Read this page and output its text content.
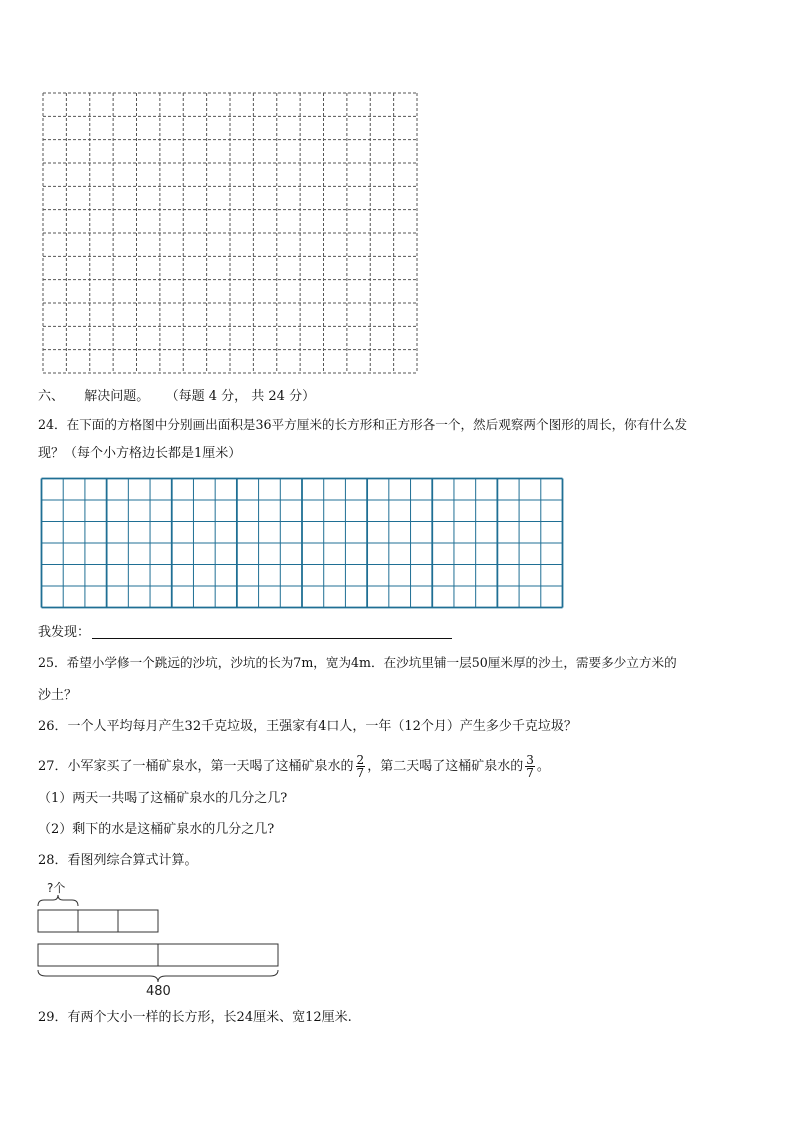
六、 解决问题。 （每题 4 分， 共 24 分）
24．在下面的方格图中分别画出面积是36平方厘米的长方形和正方形各一个，然后观察两个图形的周长，你有什么发
现？（每个小方格边长都是1厘米）
我发现：
25．希望小学修一个跳远的沙坑，沙坑的长为7m，宽为4m．在沙坑里铺一层50厘米厚的沙土，需要多少立方米的
沙土？
26．一个人平均每月产生32千克垃圾，王强家有4口人，一年（12个月）产生多少千克垃圾？
27．小军家买了一桶矿泉水，第一天喝了这桶矿泉水的 $\frac{2}{7}$ ，第二天喝了这桶矿泉水的 $\frac{3}{7}$ 。
（1）两天一共喝了这桶矿泉水的几分之几?
（2）剩下的水是这桶矿泉水的几分之几?
28．看图列综合算式计算。
?个
480
29．有两个大小一样的长方形，长24厘米、宽12厘米.
